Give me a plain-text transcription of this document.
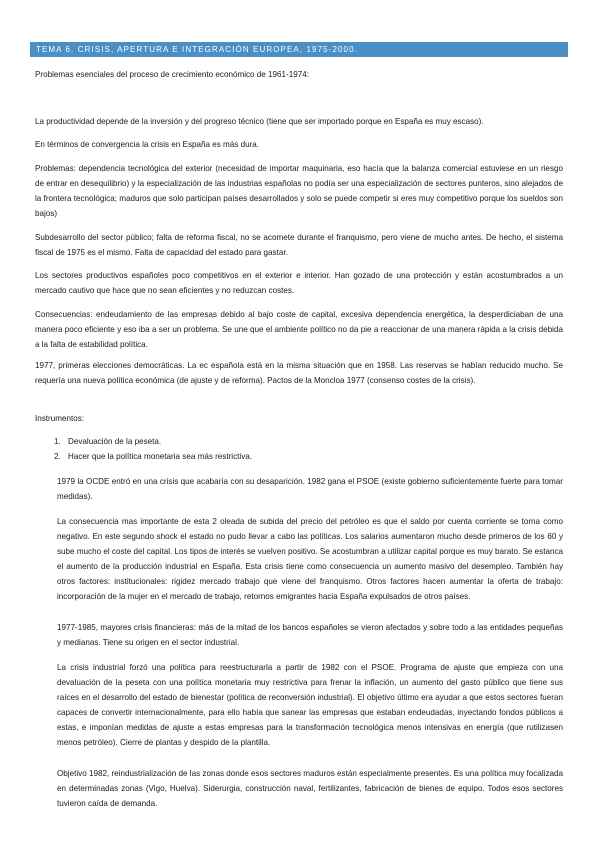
TEMA 6. CRISIS, APERTURA E INTEGRACIÓN EUROPEA, 1975-2000.

Problemas esenciales del proceso de crecimiento económico de 1961-1974:

La productividad depende de la inversión y del progreso técnico (tiene que ser importado porque en España es muy escaso).

En términos de convergencia la crisis en España es más dura.

Problemas: dependencia tecnológica del exterior (necesidad de importar maquinaria, eso hacía que la balanza comercial estuviese en un riesgo de entrar en desequilibrio) y la especialización de las industrias españolas no podía ser una especialización de sectores punteros, sino alejados de la frontera tecnológica; maduros que solo participan países desarrollados y solo se puede competir si eres muy competitivo porque los sueldos son bajos)

Subdesarrollo del sector público; falta de reforma fiscal, no se acomete durante el franquismo, pero viene de mucho antes. De hecho, el sistema fiscal de 1975 es el mismo. Falta de capacidad del estado para gastar.

Los sectores productivos españoles poco competitivos en el exterior e interior. Han gozado de una protección y están acostumbrados a un mercado cautivo que hace que no sean eficientes y no reduzcan costes.

Consecuencias: endeudamiento de las empresas debido al bajo coste de capital, excesiva dependencia energética, la desperdiciaban de una manera poco eficiente y eso iba a ser un problema. Se une que el ambiente político no da pie a reaccionar de una manera rápida a la crisis debida a la falta de estabilidad política.

1977, primeras elecciones democráticas. La ec española está en la misma situación que en 1958. Las reservas se habían reducido mucho. Se requería una nueva política económica (de ajuste y de reforma). Pactos de la Moncloa 1977 (consenso costes de la crisis).

Instrumentos:

1. Devaluación de la peseta.
2. Hacer que la política monetaria sea más restrictiva.

1979 la OCDE entró en una crisis que acabaría con su desaparición. 1982 gana el PSOE (existe gobierno suficientemente fuerte para tomar medidas).

La consecuencia mas importante de esta 2 oleada de subida del precio del petróleo es que el saldo por cuenta corriente se torna como negativo. En este segundo shock el estado no pudo llevar a cabo las políticas. Los salarios aumentaron mucho desde primeros de los 60 y sube mucho el coste del capital. Los tipos de interés se vuelven positivo. Se acostumbran a utilizar capital porque es muy barato. Se estanca el aumento de la producción industrial en España. Esta crisis tiene como consecuencia un aumento masivo del desempleo. También hay otros factores: institucionales: rigidez mercado trabajo que viene del franquismo. Otros factores hacen aumentar la oferta de trabajo: incorporación de la mujer en el mercado de trabajo, retornos emigrantes hacia España expulsados de otros países.

1977-1985, mayores crisis financieras: más de la mitad de los bancos españoles se vieron afectados y sobre todo a las entidades pequeñas y medianas. Tiene su origen en el sector industrial.

La crisis industrial forzó una política para reestructurarla a partir de 1982 con el PSOE. Programa de ajuste que empieza con una devaluación de la peseta con una política monetaria muy restrictiva para frenar la inflación, un aumento del gasto público que tiene sus raíces en el desarrollo del estado de bienestar (política de reconversión industrial). El objetivo último era ayudar a que estos sectores fueran capaces de convertir internacionalmente, para ello había que sanear las empresas que estaban endeudadas, inyectando fondos públicos a estas, e imponían medidas de ajuste a estas empresas para la transformación tecnológica menos intensivas en energía (que rutilizasen menos petróleo). Cierre de plantas y despido de la plantilla.

Objetivo 1982, reindustrialización de las zonas donde esos sectores maduros están especialmente presentes. Es una política muy focalizada en determinadas zonas (Vigo, Huelva). Siderurgia, construcción naval, fertilizantes, fabricación de bienes de equipo. Todos esos sectores tuvieron caída de demanda.
